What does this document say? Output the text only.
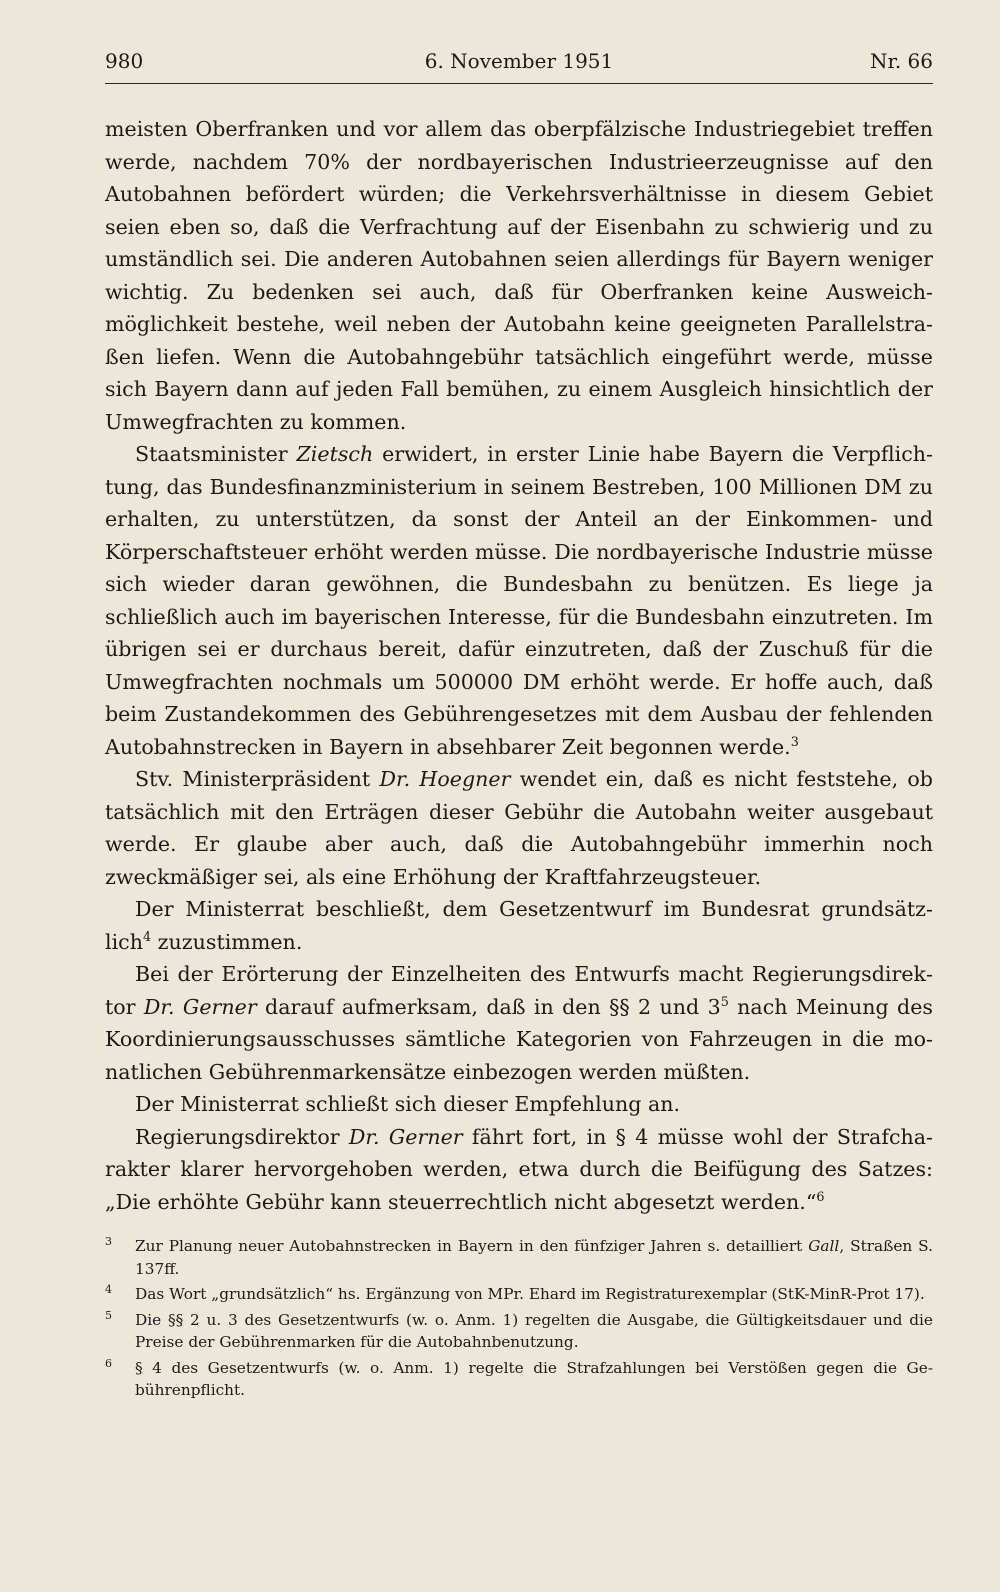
980	6. November 1951	Nr. 66

meisten Oberfranken und vor allem das oberpfälzische Industriegebiet treffen werde, nachdem 70% der nordbayerischen Industrieerzeugnisse auf den Autobahnen befördert würden; die Verkehrsverhältnisse in diesem Gebiet seien eben so, daß die Verfrachtung auf der Eisenbahn zu schwierig und zu umständlich sei. Die anderen Autobahnen seien allerdings für Bayern weniger wichtig. Zu bedenken sei auch, daß für Oberfranken keine Ausweichmöglichkeit bestehe, weil neben der Autobahn keine geeigneten Parallelstraßen liefen. Wenn die Autobahngebühr tatsächlich eingeführt werde, müsse sich Bayern dann auf jeden Fall bemühen, zu einem Ausgleich hinsichtlich der Umwegfrachten zu kommen.

Staatsminister Zietsch erwidert, in erster Linie habe Bayern die Verpflichtung, das Bundesfinanzministerium in seinem Bestreben, 100 Millionen DM zu erhalten, zu unterstützen, da sonst der Anteil an der Einkommen- und Körperschaftsteuer erhöht werden müsse. Die nordbayerische Industrie müsse sich wieder daran gewöhnen, die Bundesbahn zu benützen. Es liege ja schließlich auch im bayerischen Interesse, für die Bundesbahn einzutreten. Im übrigen sei er durchaus bereit, dafür einzutreten, daß der Zuschuß für die Umwegfrachten nochmals um 500000 DM erhöht werde. Er hoffe auch, daß beim Zustandekommen des Gebührengesetzes mit dem Ausbau der fehlenden Autobahnstrecken in Bayern in absehbarer Zeit begonnen werde.$^3$

Stv. Ministerpräsident Dr. Hoegner wendet ein, daß es nicht feststehe, ob tatsächlich mit den Erträgen dieser Gebühr die Autobahn weiter ausgebaut werde. Er glaube aber auch, daß die Autobahngebühr immerhin noch zweckmäßiger sei, als eine Erhöhung der Kraftfahrzeugsteuer.

Der Ministerrat beschließt, dem Gesetzentwurf im Bundesrat grundsätzlich$^4$ zuzustimmen.

Bei der Erörterung der Einzelheiten des Entwurfs macht Regierungsdirektor Dr. Gerner darauf aufmerksam, daß in den §§ 2 und $3^5$ nach Meinung des Koordinierungsausschusses sämtliche Kategorien von Fahrzeugen in die monatlichen Gebührenmarkensätze einbezogen werden müßten.

Der Ministerrat schließt sich dieser Empfehlung an.

Regierungsdirektor Dr. Gerner fährt fort, in § 4 müsse wohl der Strafcharakter klarer hervorgehoben werden, etwa durch die Beifügung des Satzes: „Die erhöhte Gebühr kann steuerrechtlich nicht abgesetzt werden.“$^6$

3 Zur Planung neuer Autobahnstrecken in Bayern in den fünfziger Jahren s. detailliert Gall, Straßen S. 137ff.
4 Das Wort „grundsätzlich“ hs. Ergänzung von MPr. Ehard im Registraturexemplar (StK-MinR-Prot 17).
5 Die §§ 2 u. 3 des Gesetzentwurfs (w. o. Anm. 1) regelten die Ausgabe, die Gültigkeitsdauer und die Preise der Gebührenmarken für die Autobahnbenutzung.
6 § 4 des Gesetzentwurfs (w. o. Anm. 1) regelte die Strafzahlungen bei Verstößen gegen die Gebührenpflicht.
